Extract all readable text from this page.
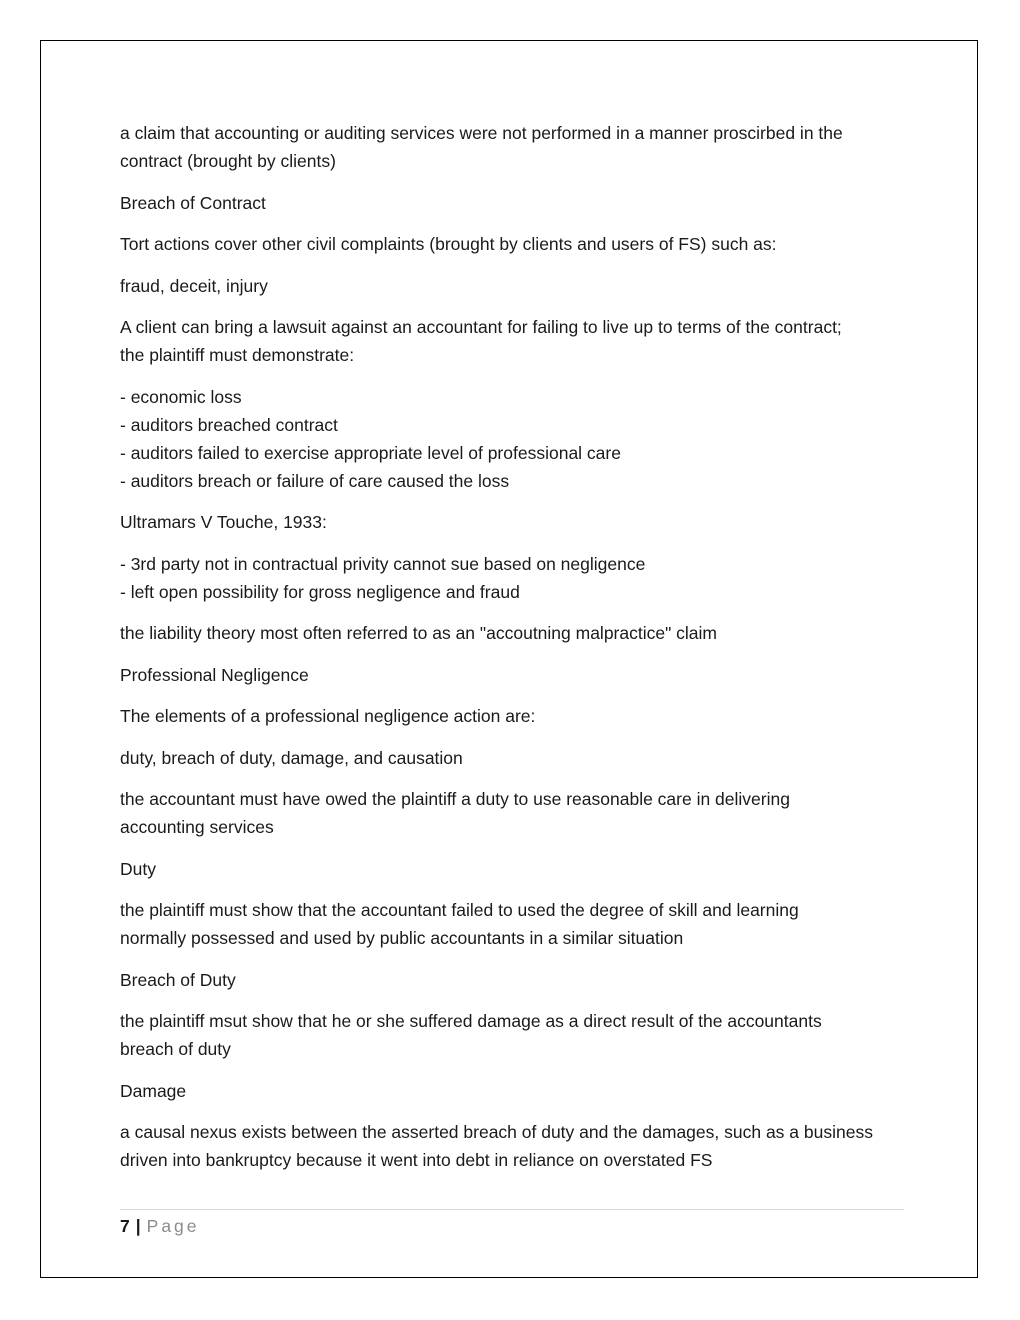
a claim that accounting or auditing services were not performed in a manner proscirbed in the
contract (brought by clients)

Breach of Contract

Tort actions cover other civil complaints (brought by clients and users of FS) such as:

fraud, deceit, injury

A client can bring a lawsuit against an accountant for failing to live up to terms of the contract;
the plaintiff must demonstrate:

- economic loss
- auditors breached contract
- auditors failed to exercise appropriate level of professional care
- auditors breach or failure of care caused the loss

Ultramars V Touche, 1933:

- 3rd party not in contractual privity cannot sue based on negligence
- left open possibility for gross negligence and fraud

the liability theory most often referred to as an "accoutning malpractice" claim

Professional Negligence

The elements of a professional negligence action are:

duty, breach of duty, damage, and causation

the accountant must have owed the plaintiff a duty to use reasonable care in delivering
accounting services

Duty

the plaintiff must show that the accountant failed to used the degree of skill and learning
normally possessed and used by public accountants in a similar situation

Breach of Duty

the plaintiff msut show that he or she suffered damage as a direct result of the accountants
breach of duty

Damage

a causal nexus exists between the asserted breach of duty and the damages, such as a business
driven into bankruptcy because it went into debt in reliance on overstated FS

7 | Page
